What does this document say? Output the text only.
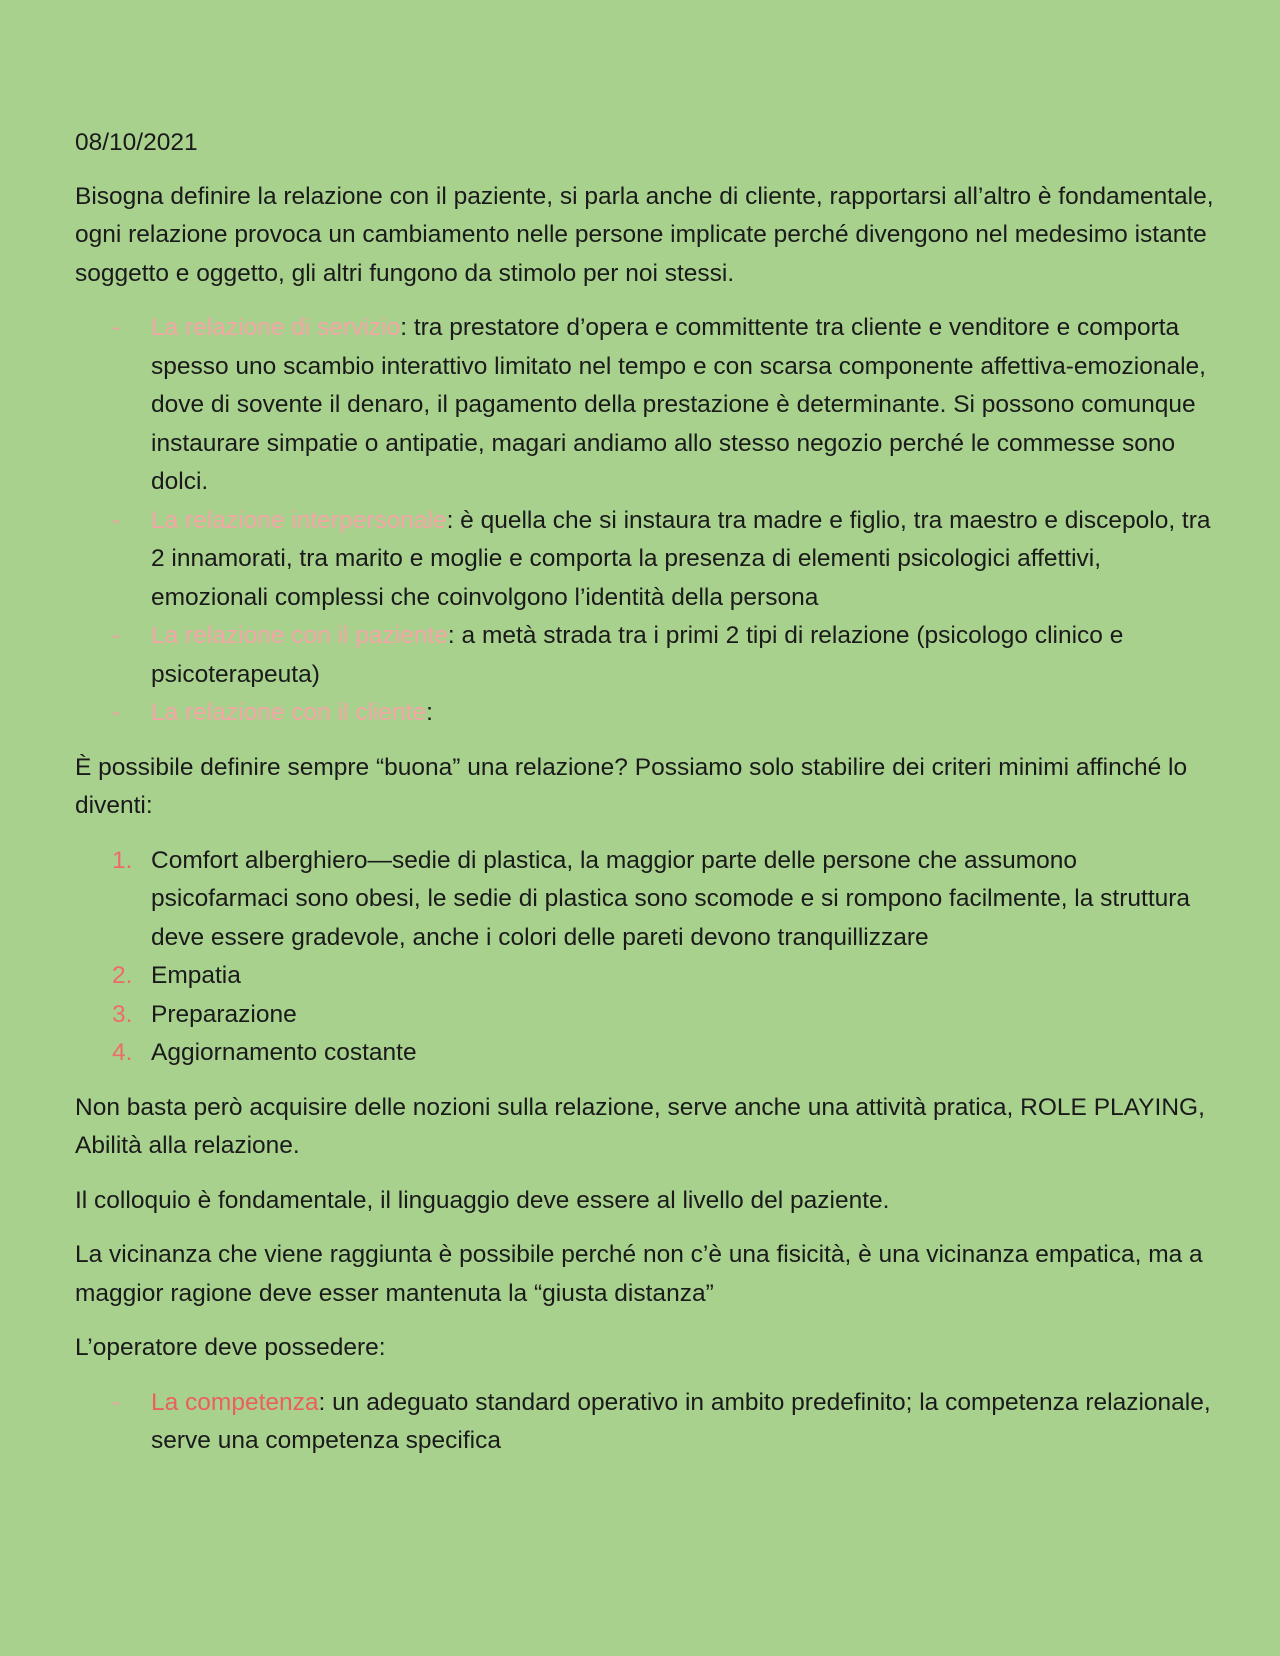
08/10/2021

Bisogna definire la relazione con il paziente, si parla anche di cliente, rapportarsi all’altro è fondamentale, ogni relazione provoca un cambiamento nelle persone implicate perché divengono nel medesimo istante soggetto e oggetto, gli altri fungono da stimolo per noi stessi.

- La relazione di servizio: tra prestatore d’opera e committente tra cliente e venditore e comporta spesso uno scambio interattivo limitato nel tempo e con scarsa componente affettiva-emozionale, dove di sovente il denaro, il pagamento della prestazione è determinante. Si possono comunque instaurare simpatie o antipatie, magari andiamo allo stesso negozio perché le commesse sono dolci.
- La relazione interpersonale: è quella che si instaura tra madre e figlio, tra maestro e discepolo, tra 2 innamorati, tra marito e moglie e comporta la presenza di elementi psicologici affettivi, emozionali complessi che coinvolgono l’identità della persona
- La relazione con il paziente: a metà strada tra i primi 2 tipi di relazione (psicologo clinico e psicoterapeuta)
- La relazione con il cliente:

È possibile definire sempre “buona” una relazione? Possiamo solo stabilire dei criteri minimi affinché lo diventi:

1. Comfort alberghiero—sedie di plastica, la maggior parte delle persone che assumono psicofarmaci sono obesi, le sedie di plastica sono scomode e si rompono facilmente, la struttura deve essere gradevole, anche i colori delle pareti devono tranquillizzare
2. Empatia
3. Preparazione
4. Aggiornamento costante

Non basta però acquisire delle nozioni sulla relazione, serve anche una attività pratica, ROLE PLAYING, Abilità alla relazione.

Il colloquio è fondamentale, il linguaggio deve essere al livello del paziente.

La vicinanza che viene raggiunta è possibile perché non c’è una fisicità, è una vicinanza empatica, ma a maggior ragione deve esser mantenuta la “giusta distanza”

L’operatore deve possedere:

- La competenza: un adeguato standard operativo in ambito predefinito; la competenza relazionale, serve una competenza specifica
